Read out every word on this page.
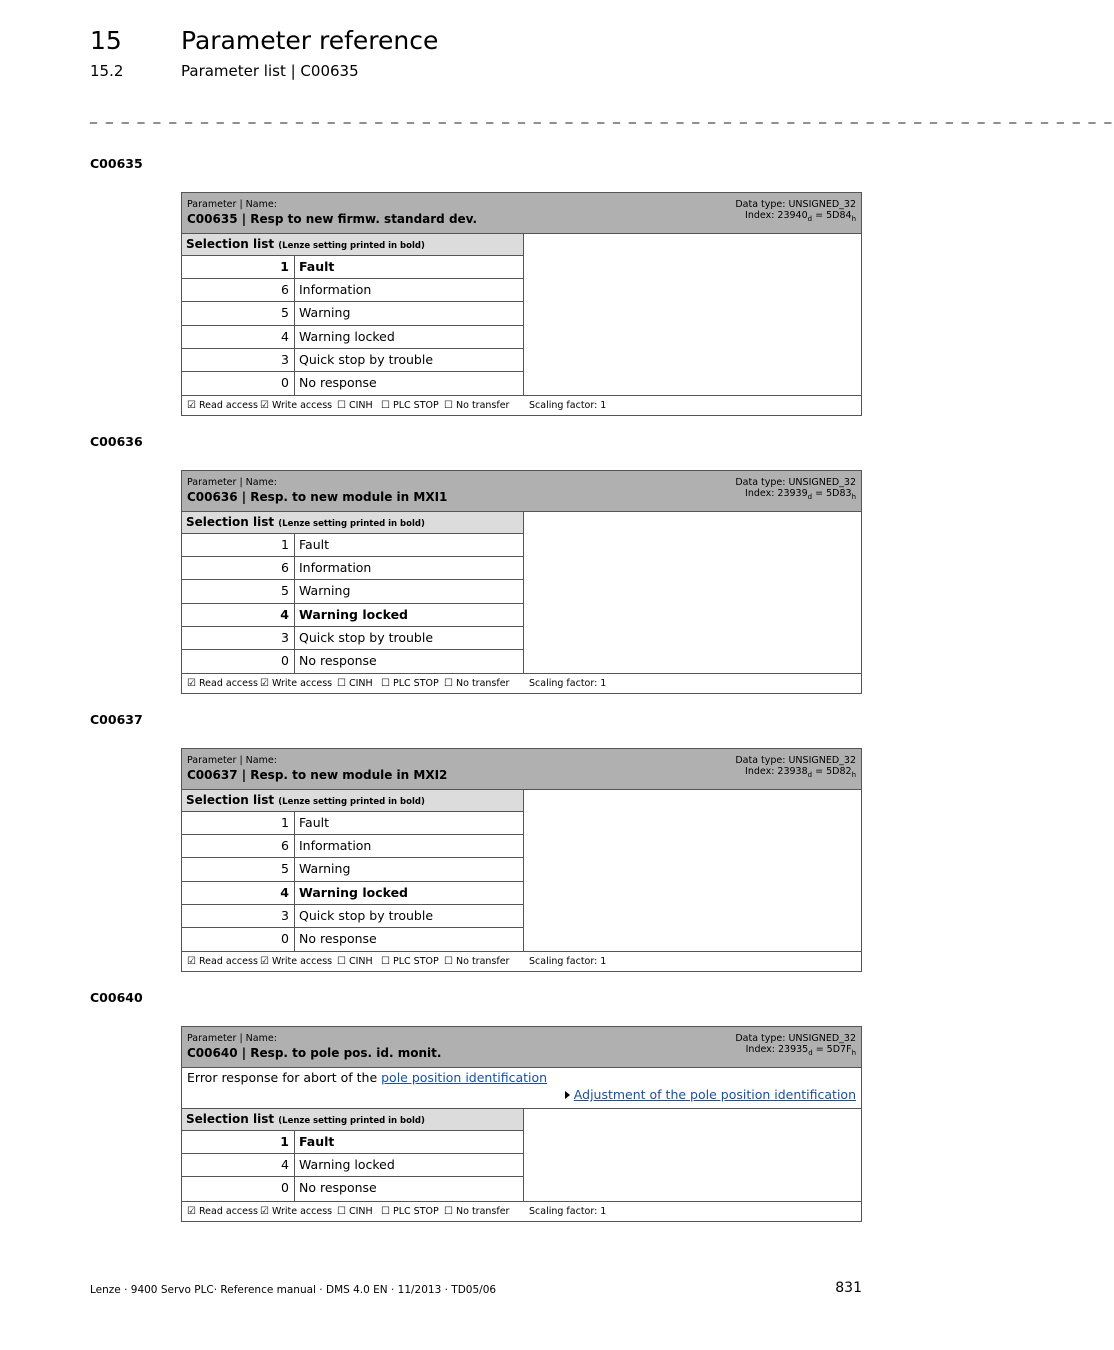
15 Parameter reference
15.2	Parameter list | C00635
_ _ _ _ _ _ _ _ _ _ _ _ _ _ _ _ _ _ _ _ _ _ _ _ _ _ _ _ _ _ _ _ _ _ _ _ _ _ _ _ _ _ _ _ _ _ _ _ _ _ _ _ _ _ _ _ _ _ _ _ _ _ _ _ _
C00635
Parameter | Name:
C00635 | Resp to new firmw. standard dev.
Data type: UNSIGNED_32
Index: $23940_d = 5D84_h$
Selection list (Lenze setting printed in bold)
1 Fault
6 Information
5 Warning
4 Warning locked
3 Quick stop by trouble
0 No response
☑ Read access ☑ Write access ☐ CINH ☐ PLC STOP ☐ No transfer Scaling factor: 1
C00636
Parameter | Name:
C00636 | Resp. to new module in MXI1
Data type: UNSIGNED_32
Index: $23939_d = 5D83_h$
Selection list (Lenze setting printed in bold)
1 Fault
6 Information
5 Warning
4 Warning locked
3 Quick stop by trouble
0 No response
☑ Read access ☑ Write access ☐ CINH ☐ PLC STOP ☐ No transfer Scaling factor: 1
C00637
Parameter | Name:
C00637 | Resp. to new module in MXI2
Data type: UNSIGNED_32
Index: $23938_d = 5D82_h$
Selection list (Lenze setting printed in bold)
1 Fault
6 Information
5 Warning
4 Warning locked
3 Quick stop by trouble
0 No response
☑ Read access ☑ Write access ☐ CINH ☐ PLC STOP ☐ No transfer Scaling factor: 1
C00640
Parameter | Name:
C00640 | Resp. to pole pos. id. monit.
Data type: UNSIGNED_32
Index: $23935_d = 5D7F_h$
Error response for abort of the pole position identification
Adjustment of the pole position identification
Selection list (Lenze setting printed in bold)
1 Fault
4 Warning locked
0 No response
☑ Read access ☑ Write access ☐ CINH ☐ PLC STOP ☐ No transfer Scaling factor: 1
Lenze · 9400 Servo PLC· Reference manual · DMS 4.0 EN · 11/2013 · TD05/06	831
